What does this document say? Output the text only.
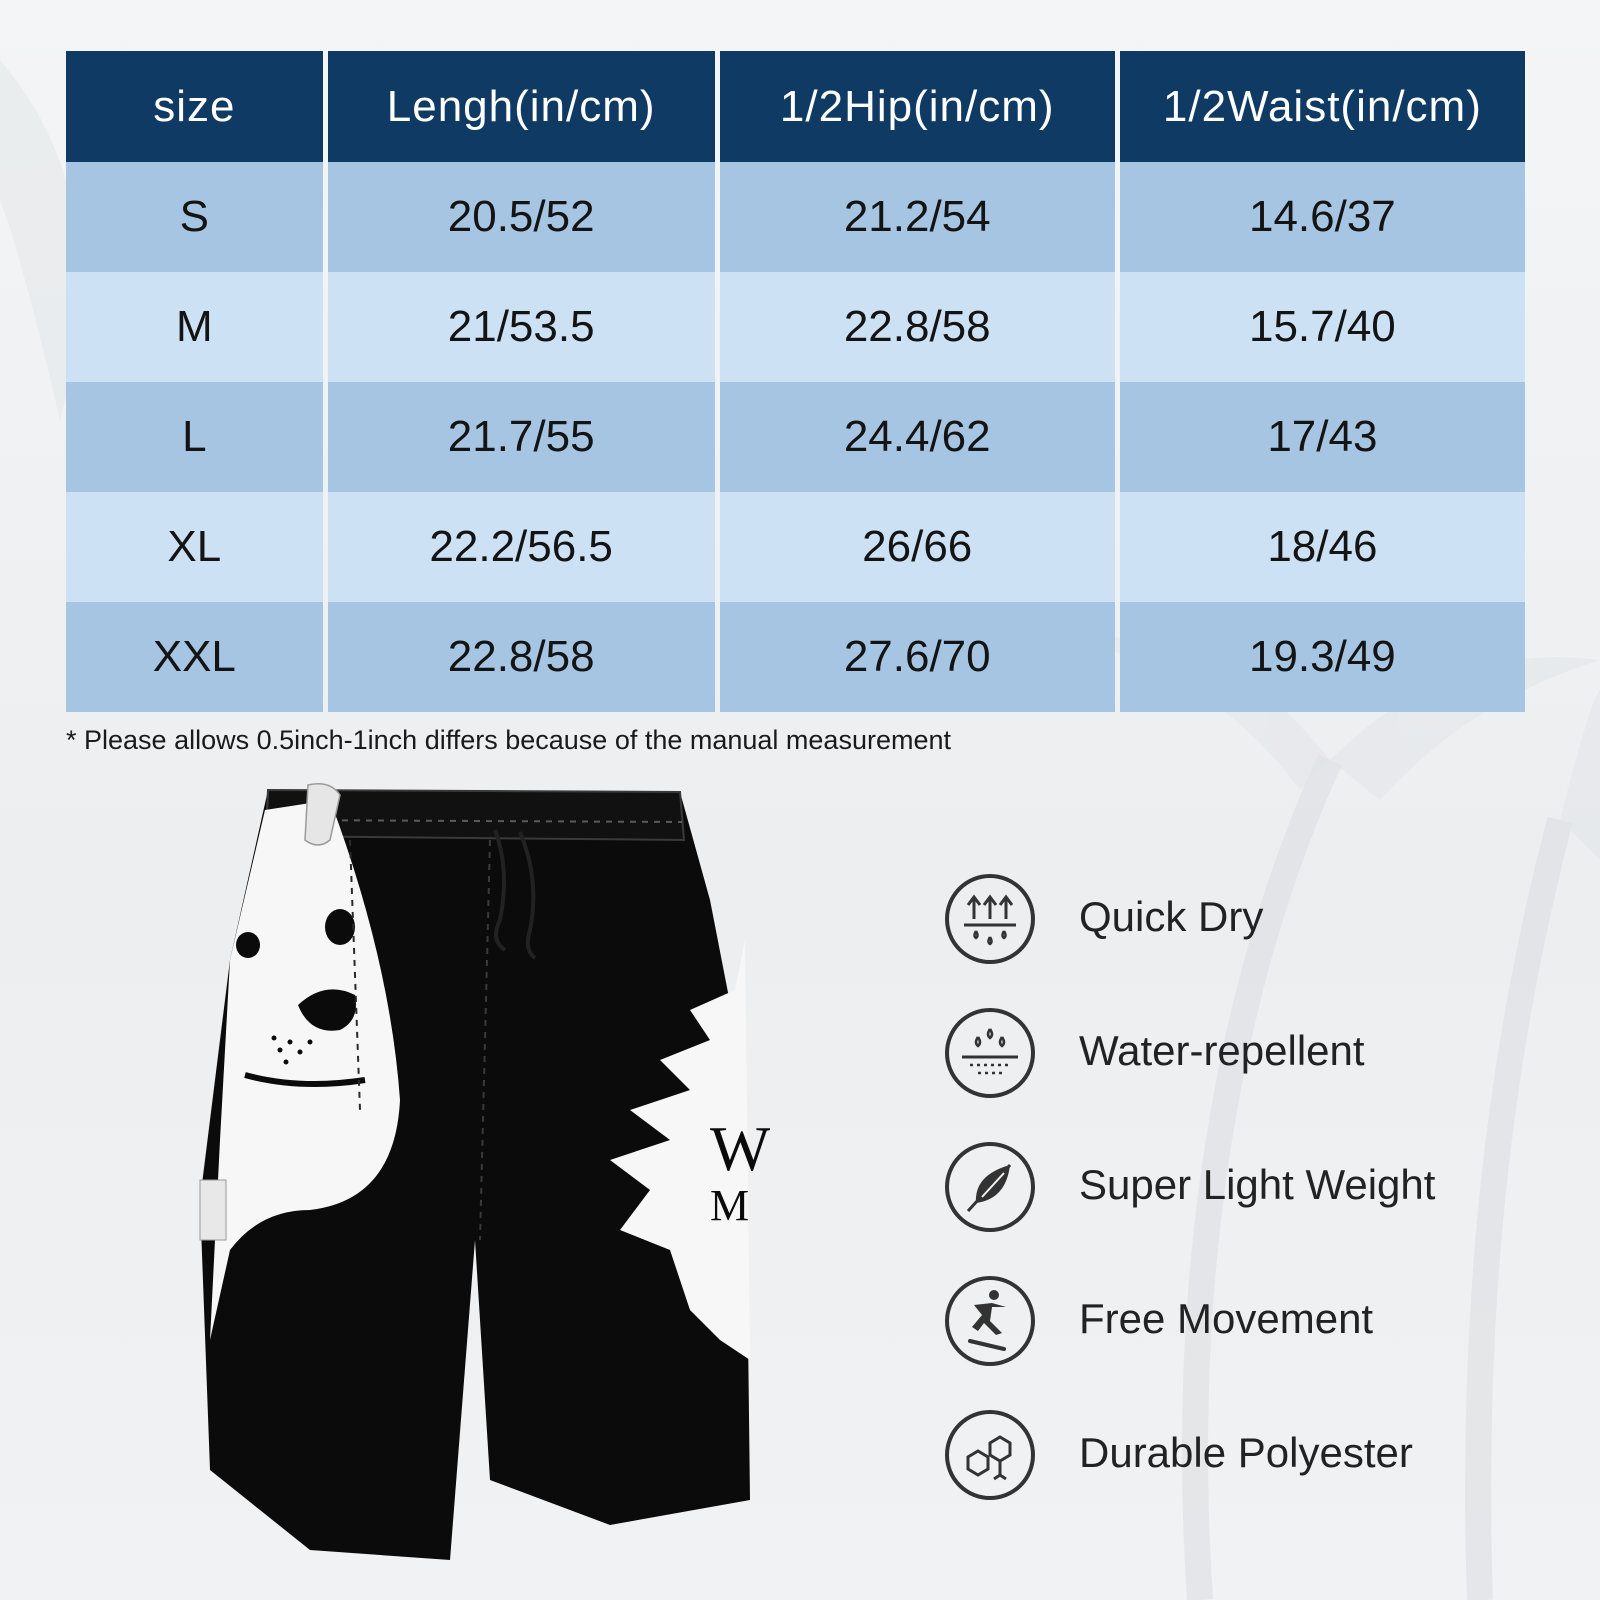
size	Lengh(in/cm)	1/2Hip(in/cm)	1/2Waist(in/cm)
S	20.5/52	21.2/54	14.6/37
M	21/53.5	22.8/58	15.7/40
L	21.7/55	24.4/62	17/43
XL	22.2/56.5	26/66	18/46
XXL	22.8/58	27.6/70	19.3/49
* Please allows 0.5inch-1inch differs because of the manual measurement
W
M
Quick Dry
Water-repellent
Super Light Weight
Free Movement
Durable Polyester
